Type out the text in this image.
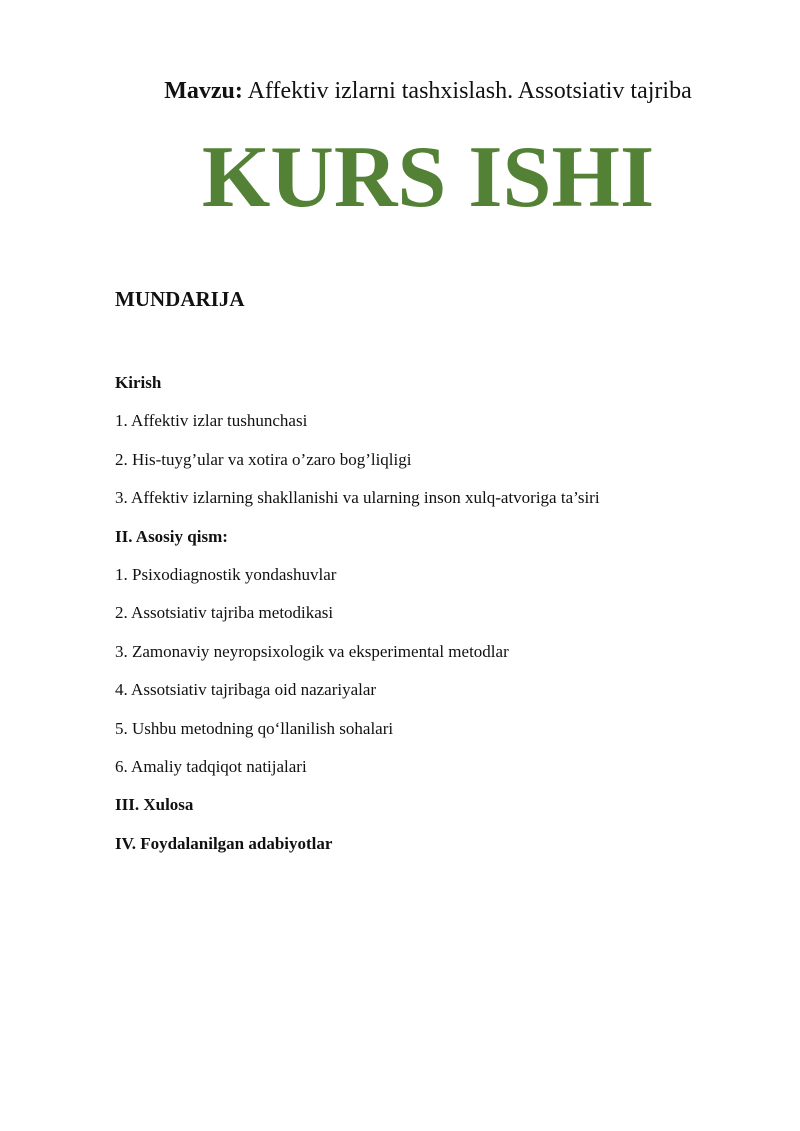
Mavzu: Affektiv izlarni tashxislash. Assotsiativ tajriba
KURS ISHI
MUNDARIJA
Kirish
1. Affektiv izlar tushunchasi
2. His-tuyg’ular va xotira o’zaro bog’liqligi
3. Affektiv izlarning shakllanishi va ularning inson xulq-atvoriga ta’siri
II. Asosiy qism:
1. Psixodiagnostik yondashuvlar
2. Assotsiativ tajriba metodikasi
3. Zamonaviy neyropsixologik va eksperimental metodlar
4. Assotsiativ tajribaga oid nazariyalar
5. Ushbu metodning qo‘llanilish sohalari
6. Amaliy tadqiqot natijalari
III. Xulosa
IV. Foydalanilgan adabiyotlar
